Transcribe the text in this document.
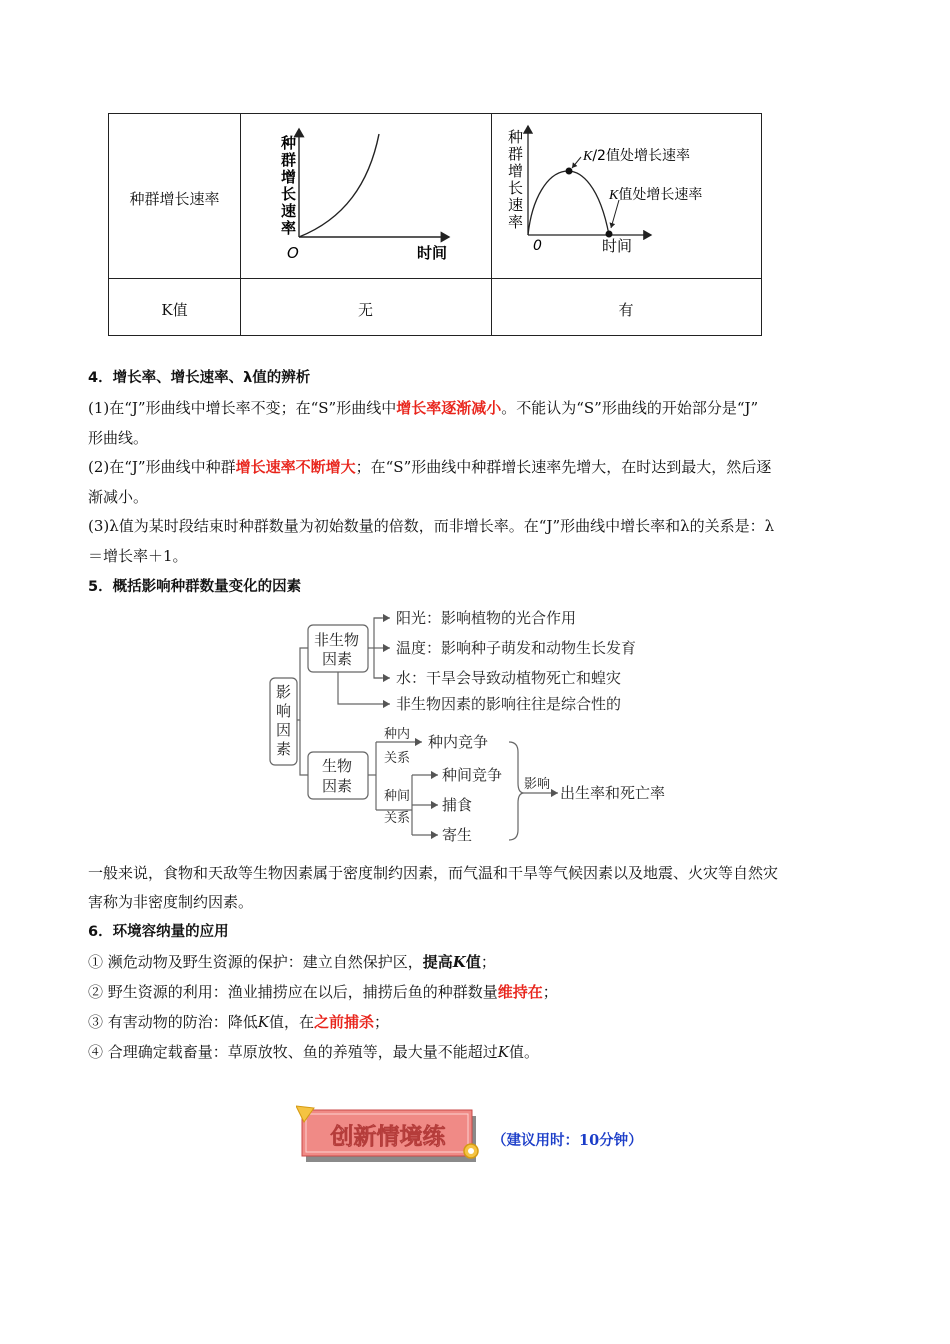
种群增长速率
K值	无	有
种
群
增
长
速
率
O	时间
种
群
增
长
速
率
0	时间
K/2值处增长速率
K值处增长速率
4．增长率、增长速率、λ值的辨析
(1)在“J”形曲线中增长率不变；在“S”形曲线中增长率逐渐减小。不能认为“S”形曲线的开始部分是“J”
形曲线。
(2)在“J”形曲线中种群增长速率不断增大；在“S”形曲线中种群增长速率先增大，在时达到最大，然后逐
渐减小。
(3)λ值为某时段结束时种群数量为初始数量的倍数，而非增长率。在“J”形曲线中增长率和λ的关系是：λ
＝增长率＋1。
5．概括影响种群数量变化的因素
影
响
因
素
非生物
因素
生物
因素
阳光：影响植物的光合作用
温度：影响种子萌发和动物生长发育
水：干旱会导致动植物死亡和蝗灾
非生物因素的影响往往是综合性的
种内竞争
种间竞争
捕食
寄生
出生率和死亡率
种内
关系
种间
关系
影响
一般来说，食物和天敌等生物因素属于密度制约因素，而气温和干旱等气候因素以及地震、火灾等自然灾
害称为非密度制约因素。
6．环境容纳量的应用
① 濒危动物及野生资源的保护：建立自然保护区，提高K值；
② 野生资源的利用：渔业捕捞应在以后，捕捞后鱼的种群数量维持在；
③ 有害动物的防治：降低K值，在之前捕杀；
④ 合理确定载畜量：草原放牧、鱼的养殖等，最大量不能超过K值。
创新情境练	（建议用时：10分钟）
